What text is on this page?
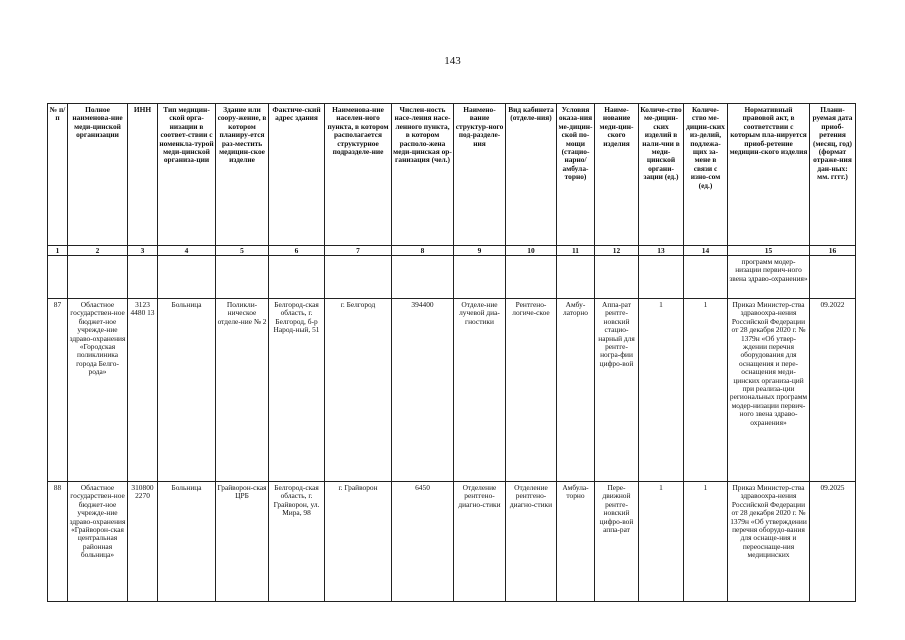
143
№ п/п	Полное наименова-ние меди-цинской организации	ИНН	Тип медицин-ской орга-низации в соответ-ствии с номенкла-турой меди-цинской организа-ции	Здание или соору-жение, в котором планиру-ется раз-местить медицин-ское изделие	Фактиче-ский адрес здания	Наименова-ние населен-ного пункта, в котором располагается структурное подразделе-ние	Числен-ность насе-ления насе-ленного пункта, в котором располо-жена меди-цинская ор-ганизация (чел.)	Наимено-вание структур-ного под-разделе-ния	Вид кабинета (отделе-ния)	Условия оказа-ния ме-дицин-ской по-мощи (стацио-нарно/ амбула-торно)	Наиме-нование меди-цин-ского изделия	Количе-ство ме-дицин-ских изделий в нали-чии в меди-цинской органи-зации (ед.)	Количе-ство ме-дицин-ских из-делий, подлежа-щих за-мене в связи с изно-сом (ед.)	Нормативный правовой акт, в соответствии с которым пла-нируется приоб-ретение медицин-ского изделия	Плани-руемая дата приоб-ретения (месяц, год) (формат отраже-ния дан-ных: мм. гггг.)
1	2	3	4	5	6	7	8	9	10	11	12	13	14	15	16
														программ модер-низации первич-ного звена здраво-охранения»	
87	Областное государствен-ное бюджет-ное учрежде-ние здраво-охранения «Городская поликлиника города Белго-рода»	3123 4480 13	Больница	Поликли-ническое отделе-ние № 2	Белгород-ская область, г. Белгород, б-р Народ-ный, 51	г. Белгород	394400	Отделе-ние лучевой диа-гностики	Рентгено-логиче-ское	Амбу-латорно	Аппа-рат рентге-новский стацио-нарный для рентге-ногра-фии цифро-вой	1	1	Приказ Министер-ства здравоохра-нения Российской Федерации от 28 декабря 2020 г. № 1379н «Об утвер-ждении перечня оборудования для оснащения и пере-оснащения меди-цинских организа-ций при реализа-ции региональных программ модер-низации первич-ного звена здраво-охранения»	09.2022
88	Областное государствен-ное бюджет-ное учрежде-ние здраво-охранения «Грайворон-ская центральная районная больница»	310800 2270	Больница	Грайворон-ская ЦРБ	Белгород-ская область, г. Грайворон, ул. Мира, 98	г. Грайворон	6450	Отделение рентгено-диагно-стики	Отделение рентгено-диагно-стики	Амбула-торно	Пере-движной рентге-новский цифро-вой аппа-рат	1	1	Приказ Министер-ства здравоохра-нения Российской Федерации от 28 декабря 2020 г. № 1379н «Об утверждении перечня оборудо-вания для оснаще-ния и переоснаще-ния медицинских	09.2025
